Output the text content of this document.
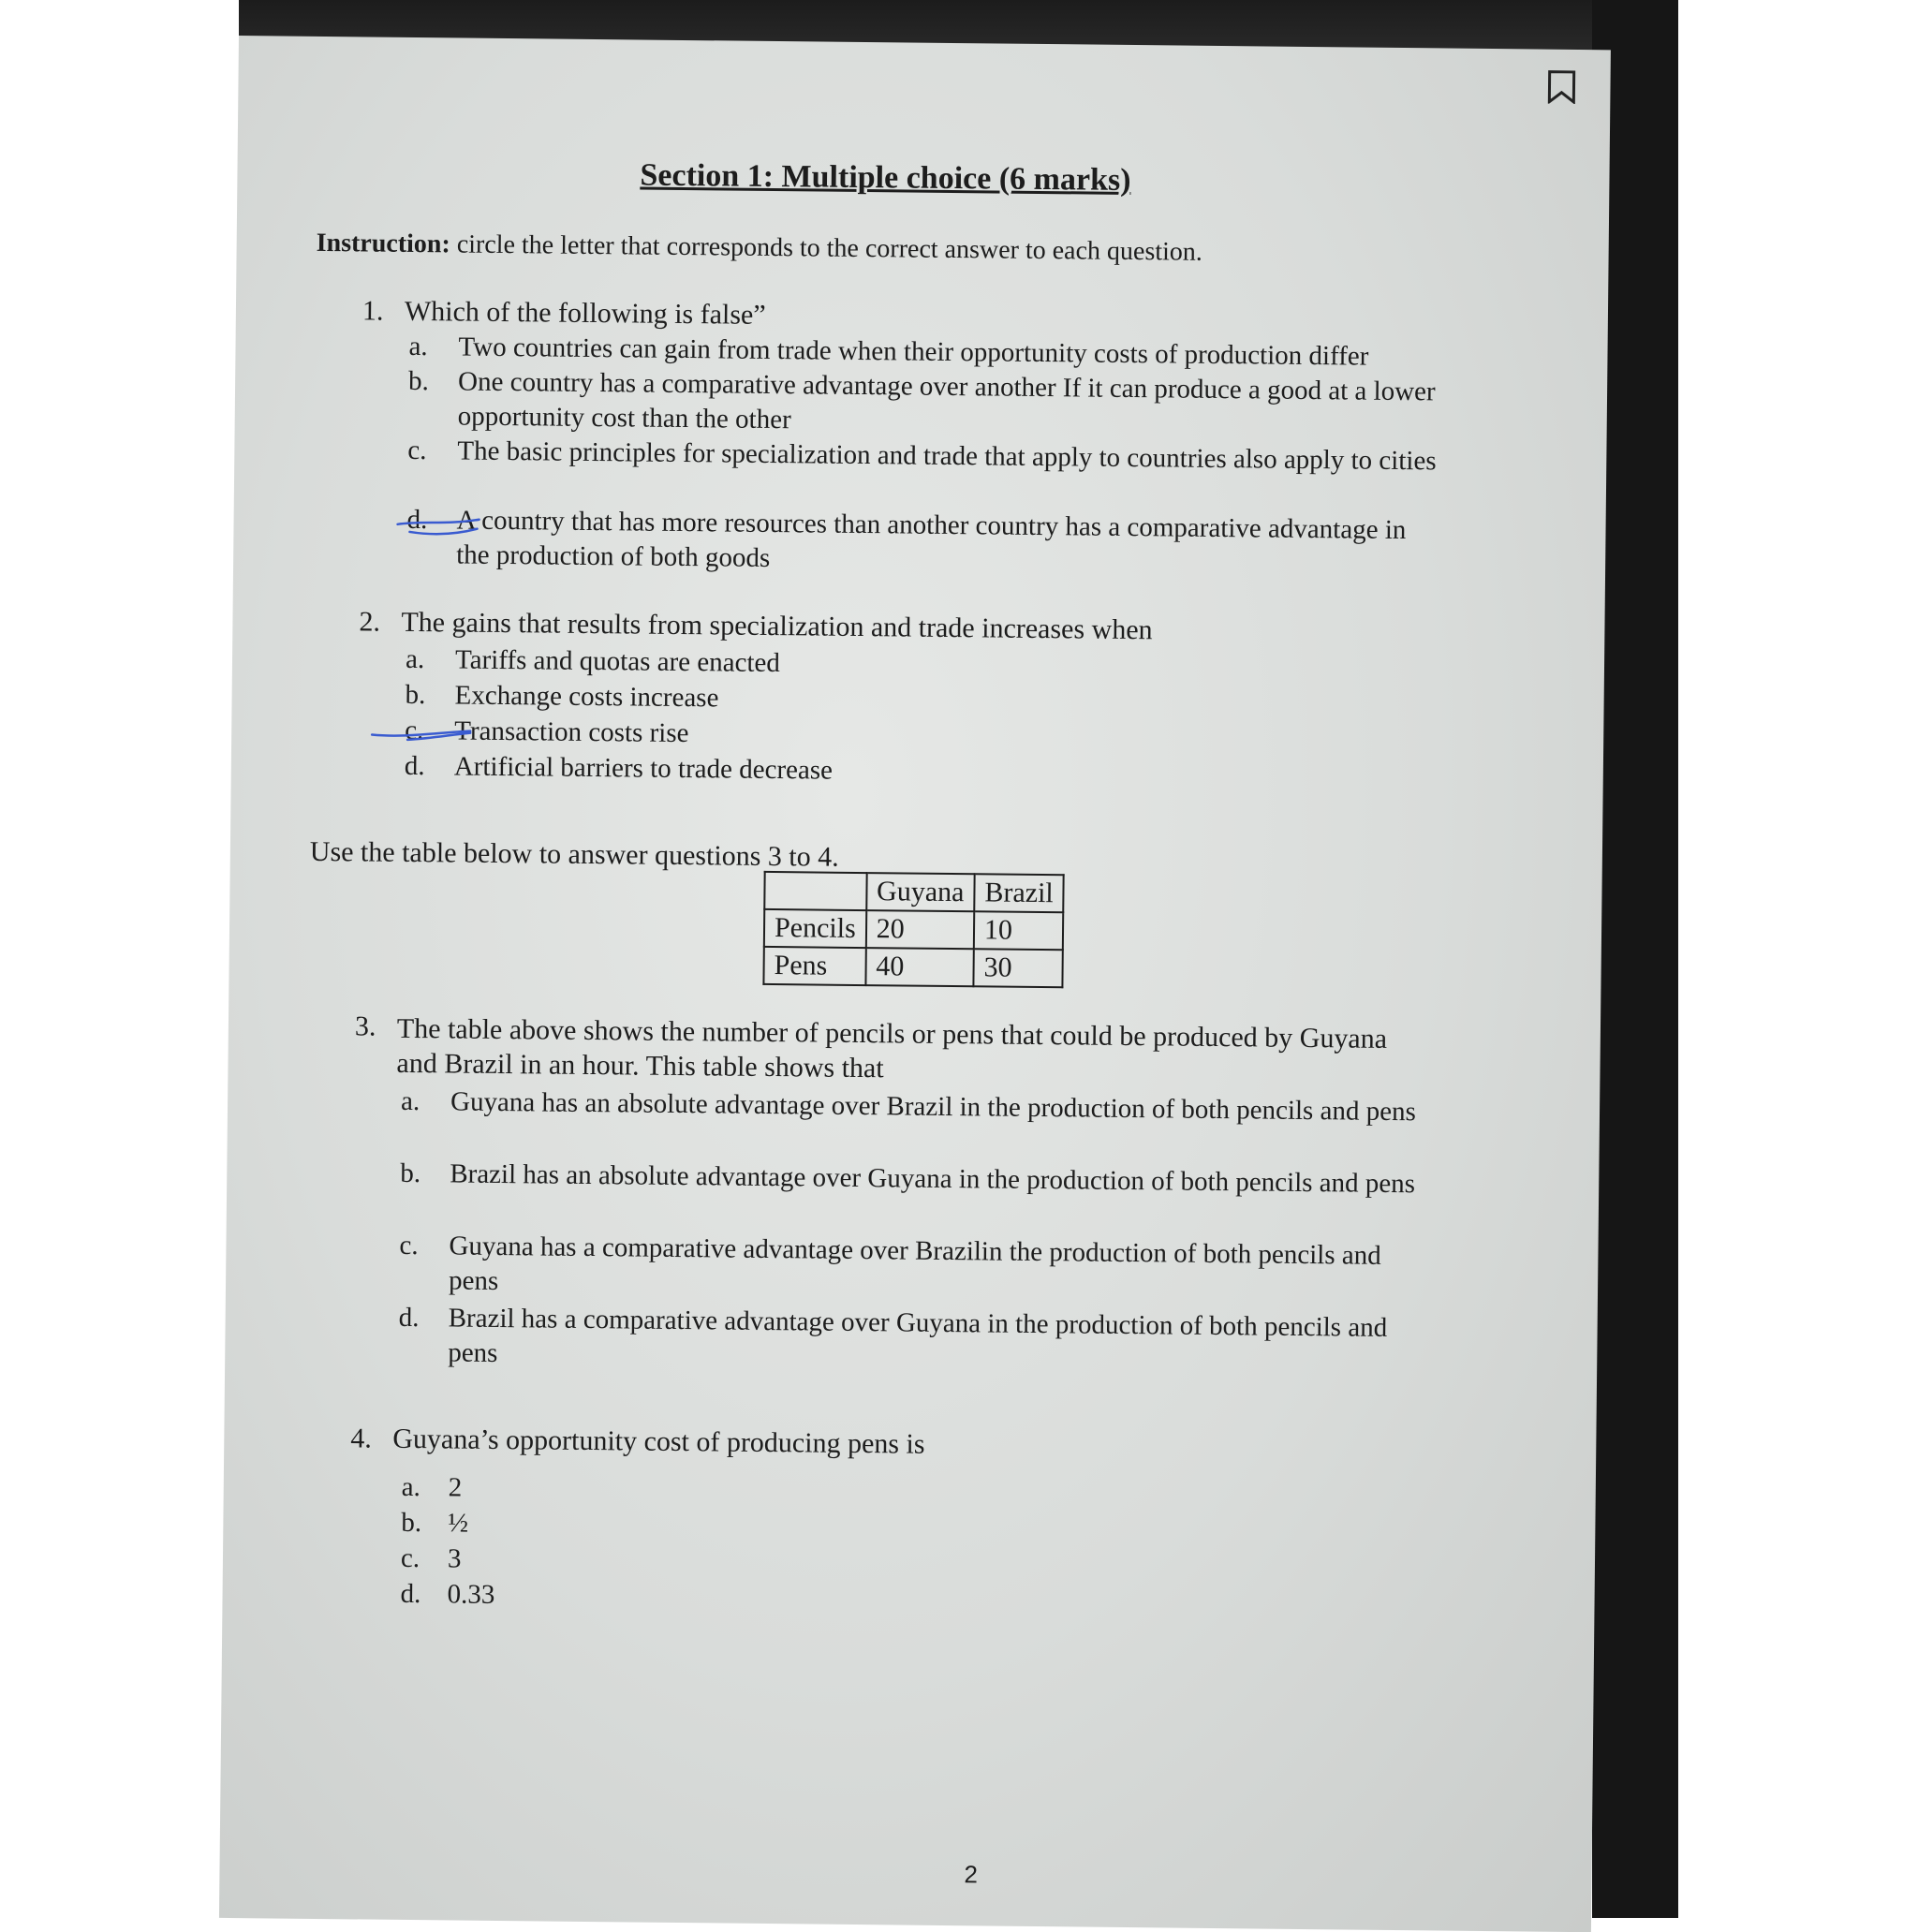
Section 1: Multiple choice (6 marks)
Instruction: circle the letter that corresponds to the correct answer to each question.
1. Which of the following is false”
a. Two countries can gain from trade when their opportunity costs of production differ
b. One country has a comparative advantage over another If it can produce a good at a lower opportunity cost than the other
c. The basic principles for specialization and trade that apply to countries also apply to cities
d. A country that has more resources than another country has a comparative advantage in the production of both goods
2. The gains that results from specialization and trade increases when
a. Tariffs and quotas are enacted
b. Exchange costs increase
c. Transaction costs rise
d. Artificial barriers to trade decrease
Use the table below to answer questions 3 to 4.
	Guyana	Brazil
Pencils	20	10
Pens	40	30
3. The table above shows the number of pencils or pens that could be produced by Guyana and Brazil in an hour. This table shows that
a. Guyana has an absolute advantage over Brazil in the production of both pencils and pens
b. Brazil has an absolute advantage over Guyana in the production of both pencils and pens
c. Guyana has a comparative advantage over Brazilin the production of both pencils and pens
d. Brazil has a comparative advantage over Guyana in the production of both pencils and pens
4. Guyana’s opportunity cost of producing pens is
a. 2
b. ½
c. 3
d. 0.33
2
